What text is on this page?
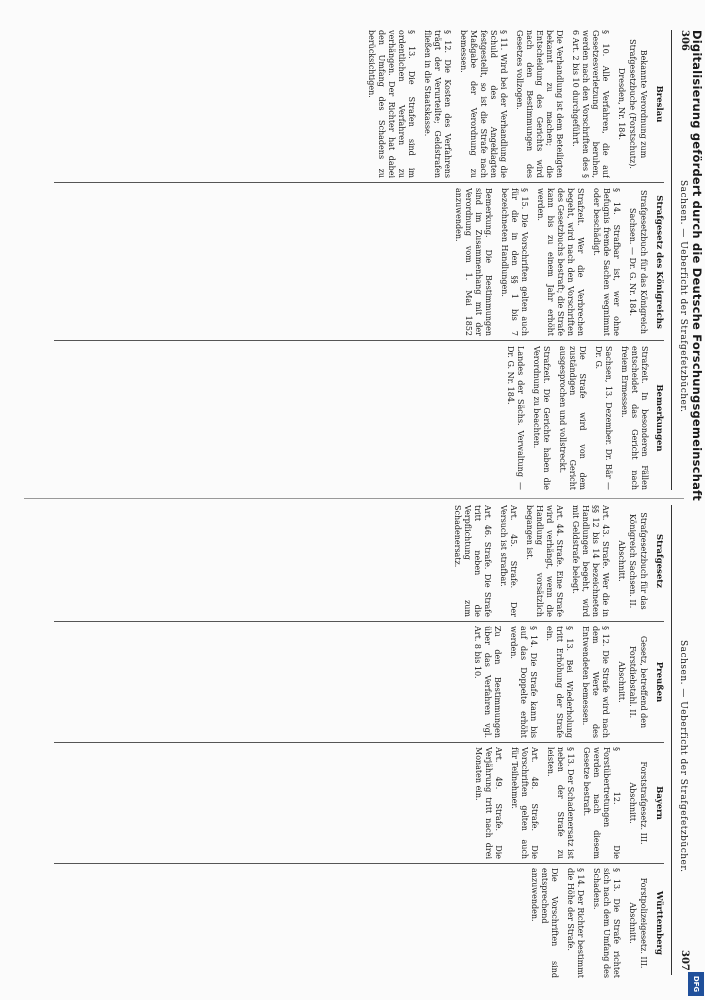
306
Sachsen. — Ueberficht der Strafgefetzbücher.
Breslau
Bekannte Verordnung zum Strafgesetzbuche (Forstschutz). Dresden, Nr. 184.

§ 10. Alle Verfahren, die auf Gesetzesverletzung beruhen, werden nach den Vorschriften des § 6 Art. 2 bis 10 durchgeführt.

Die Verhandlung ist dem Beteiligten bekannt zu machen; die Entscheidung des Gerichts wird nach den Bestimmungen des Gesetzes vollzogen.

§ 11. Wird bei der Verhandlung die Schuld des Angeklagten festgestellt, so ist die Strafe nach Maßgabe der Verordnung zu bemessen.

§ 12. Die Kosten des Verfahrens trägt der Verurteilte; Geldstrafen fließen in die Staatskasse.

§ 13. Die Strafen sind im ordentlichen Verfahren zu verhängen. Der Richter hat dabei den Umfang des Schadens zu berücksichtigen.

Strafgesetz des Königreichs
Strafgesetzbuch für das Königreich Sachsen. — Dr. G. Nr. 184.

§ 14. Strafbar ist, wer ohne Befugnis fremde Sachen wegnimmt oder beschädigt.

Strafzeit. Wer die Verbrechen begeht, wird nach den Vorschriften des Gesetzbuchs bestraft; die Strafe kann bis zu einem Jahr erhöht werden.

§ 15. Die Vorschriften gelten auch für die in den §§ 1 bis 7 bezeichneten Handlungen.

Bemerkung. Die Bestimmungen sind im Zusammenhang mit der Verordnung vom 1. Mai 1852 anzuwenden.

Bemerkungen

Strafzeit. In besonderen Fällen entscheidet das Gericht nach freiem Ermessen.

Sachsen, 13. Dezember. Dr. Bär — Dr. G.

Die Strafe wird von dem zuständigen Gericht ausgesprochen und vollstreckt.

Strafzeit. Die Gerichte haben die Verordnung zu beachten.

Landes der Sächs. Verwaltung — Dr. G. Nr. 184.

Sachsen. — Ueberficht der Strafgefetzbücher.
307
Strafgesetz
Strafgesetzbuch für das Königreich Sachsen. II. Abschnitt.

Art. 43. Strafe. Wer die in §§ 12 bis 14 bezeichneten Handlungen begeht, wird mit Geldstrafe belegt.

Art. 44. Strafe. Eine Strafe wird verhängt, wenn die Handlung vorsätzlich begangen ist.

Art. 45. Strafe. Der Versuch ist strafbar.

Art. 46. Strafe. Die Strafe tritt neben die Verpflichtung zum Schadenersatz.

Preußen
Gesetz, betreffend den Forstdiebstahl. II. Abschnitt.

§ 12. Die Strafe wird nach dem Werte des Entwendeten bemessen.

§ 13. Bei Wiederholung tritt Erhöhung der Strafe ein.

§ 14. Die Strafe kann bis auf das Doppelte erhöht werden.

Zu den Bestimmungen über das Verfahren vgl. Art. 8 bis 10.

Bayern
Forststrafgesetz. III. Abschnitt.

§ 12. Die Forstübertretungen werden nach diesem Gesetze bestraft.

§ 13. Der Schadenersatz ist neben der Strafe zu leisten.

Art. 48. Strafe. Die Vorschriften gelten auch für Teilnehmer.

Art. 49. Strafe. Die Verjährung tritt nach drei Monaten ein.

Württemberg
Forstpolizeigesetz. III. Abschnitt.

§ 13. Die Strafe richtet sich nach dem Umfang des Schadens.

§ 14. Der Richter bestimmt die Höhe der Strafe.

Die Vorschriften sind entsprechend anzuwenden.

Digitalisierung gefördert durch die Deutsche Forschungsgemeinschaft
DFG
